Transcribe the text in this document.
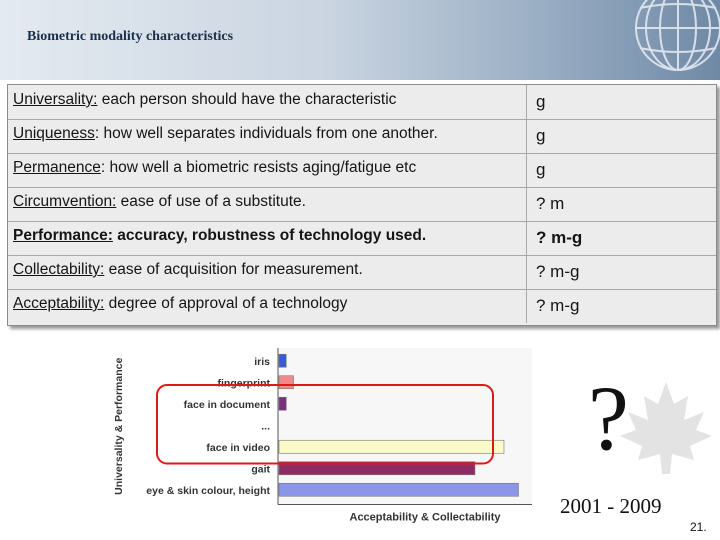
Biometric modality characteristics
Universality: each person should have the characteristic	g
Uniqueness: how well separates individuals from one another.	g
Permanence: how well a biometric resists aging/fatigue etc	g
Circumvention: ease of use of a substitute.	? m
Performance: accuracy, robustness of technology used.	? m-g
Collectability: ease of acquisition for measurement.	? m-g
Acceptability: degree of approval of a technology	? m-g
iris
fingerprint
face in document
...
face in video
gait
eye & skin colour, height
Acceptability & Collectability
Universality & Performance	?
2001 - 2009
21.
